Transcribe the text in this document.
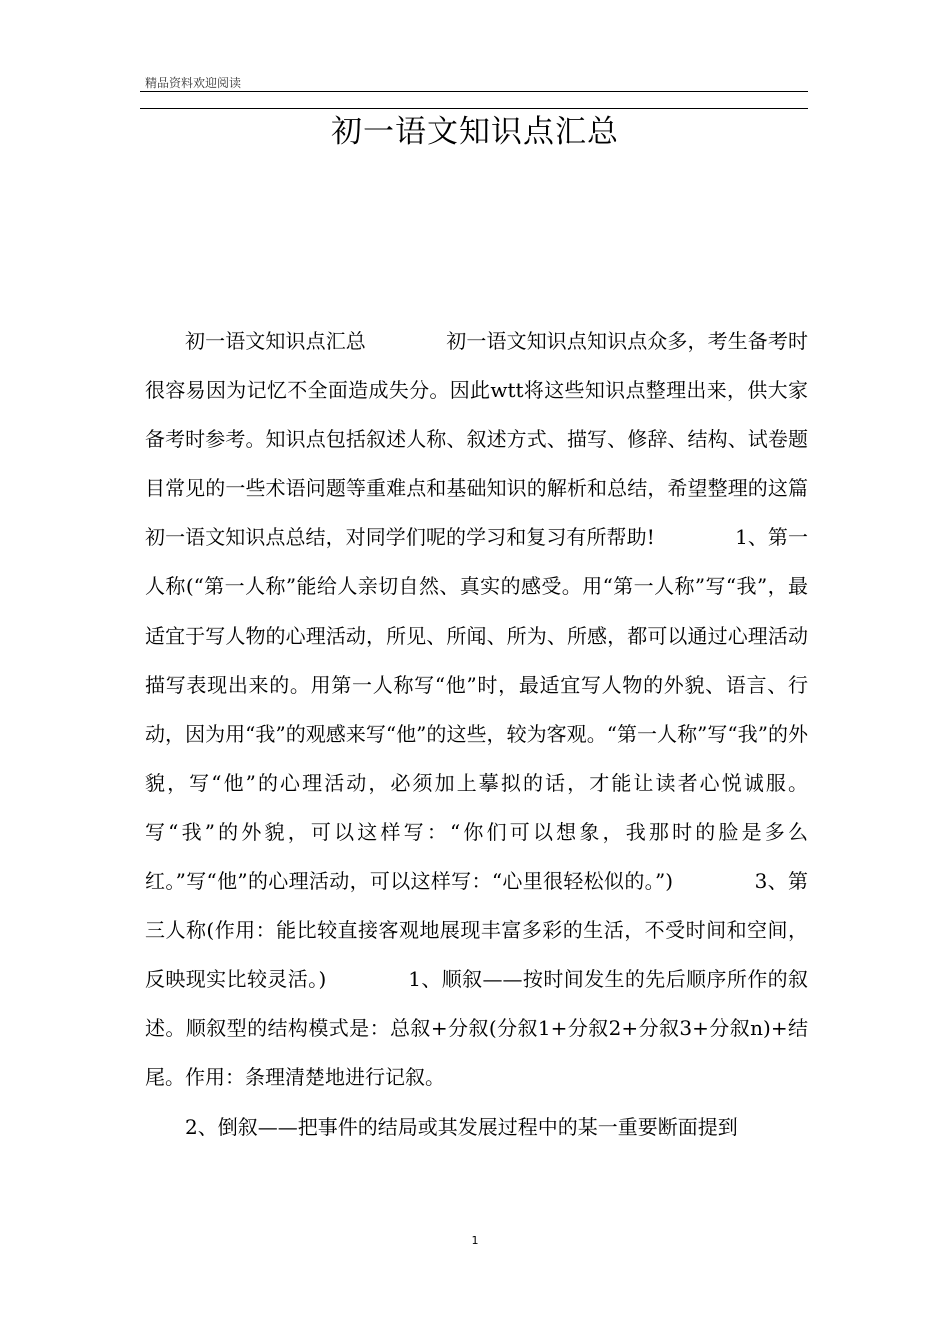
精品资料欢迎阅读
初一语文知识点汇总

初一语文知识点汇总　　　　初一语文知识点知识点众多，考生备考时很容易因为记忆不全面造成失分。因此wtt将这些知识点整理出来，供大家备考时参考。知识点包括叙述人称、叙述方式、描写、修辞、结构、试卷题目常见的一些术语问题等重难点和基础知识的解析和总结，希望整理的这篇初一语文知识点总结，对同学们呢的学习和复习有所帮助!　　　　1、第一人称(“第一人称”能给人亲切自然、真实的感受。用“第一人称”写“我”，最适宜于写人物的心理活动，所见、所闻、所为、所感，都可以通过心理活动描写表现出来的。用第一人称写“他”时，最适宜写人物的外貌、语言、行动，因为用“我”的观感来写“他”的这些，较为客观。“第一人称”写“我”的外貌，写“他”的心理活动，必须加上摹拟的话，才能让读者心悦诚服。写“我”的外貌，可以这样写：“你们可以想象，我那时的脸是多么红。”写“他”的心理活动，可以这样写：“心里很轻松似的。”)　　　　3、第三人称(作用：能比较直接客观地展现丰富多彩的生活，不受时间和空间，反映现实比较灵活。)　　　　1、顺叙——按时间发生的先后顺序所作的叙述。顺叙型的结构模式是：总叙+分叙(分叙1+分叙2+分叙3+分叙n)+结尾。作用：条理清楚地进行记叙。

2、倒叙——把事件的结局或其发展过程中的某一重要断面提到

1
